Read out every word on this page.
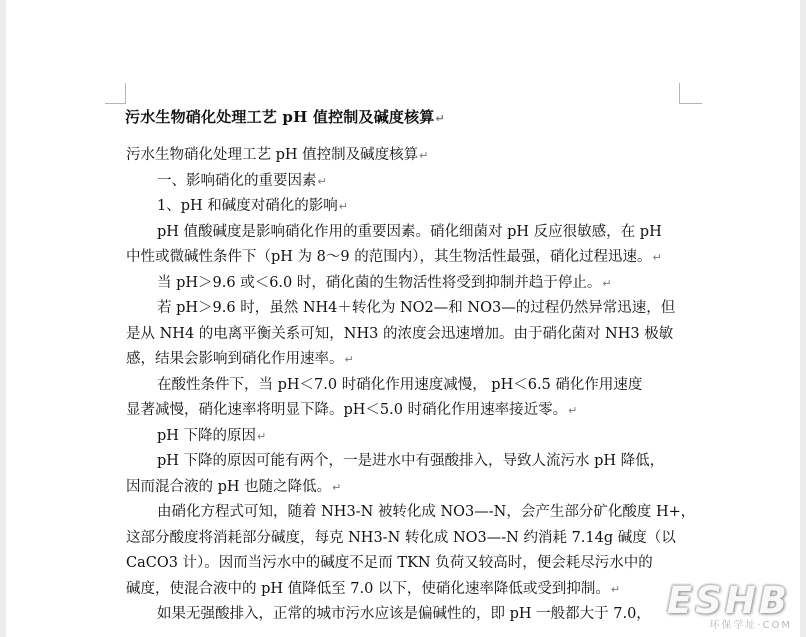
污水生物硝化处理工艺 pH 值控制及碱度核算↵
污水生物硝化处理工艺 pH 值控制及碱度核算↵
一、影响硝化的重要因素↵
1、pH 和碱度对硝化的影响↵
pH 值酸碱度是影响硝化作用的重要因素。硝化细菌对 pH 反应很敏感，在 pH
中性或微碱性条件下（pH 为 8～9 的范围内），其生物活性最强，硝化过程迅速。↵
当 pH＞9.6 或＜6.0 时，硝化菌的生物活性将受到抑制并趋于停止。↵
若 pH＞9.6 时，虽然 NH4＋转化为 NO2—和 NO3—的过程仍然异常迅速，但
是从 NH4 的电离平衡关系可知，NH3 的浓度会迅速增加。由于硝化菌对 NH3 极敏
感，结果会影响到硝化作用速率。↵
在酸性条件下，当 pH＜7.0 时硝化作用速度减慢， pH＜6.5 硝化作用速度
显著减慢，硝化速率将明显下降。pH＜5.0 时硝化作用速率接近零。↵
pH 下降的原因↵
pH 下降的原因可能有两个，一是进水中有强酸排入，导致人流污水 pH 降低，
因而混合液的 pH 也随之降低。↵
由硝化方程式可知，随着 NH3-N 被转化成 NO3—-N，会产生部分矿化酸度 H+，
这部分酸度将消耗部分碱度，每克 NH3-N 转化成 NO3—-N 约消耗 7.14g 碱度（以
CaCO3 计）。因而当污水中的碱度不足而 TKN 负荷又较高时，便会耗尽污水中的
碱度，使混合液中的 pH 值降低至 7.0 以下，使硝化速率降低或受到抑制。↵
如果无强酸排入，正常的城市污水应该是偏碱性的，即 pH 一般都大于 7.0， ESHB
环保学址·COM
